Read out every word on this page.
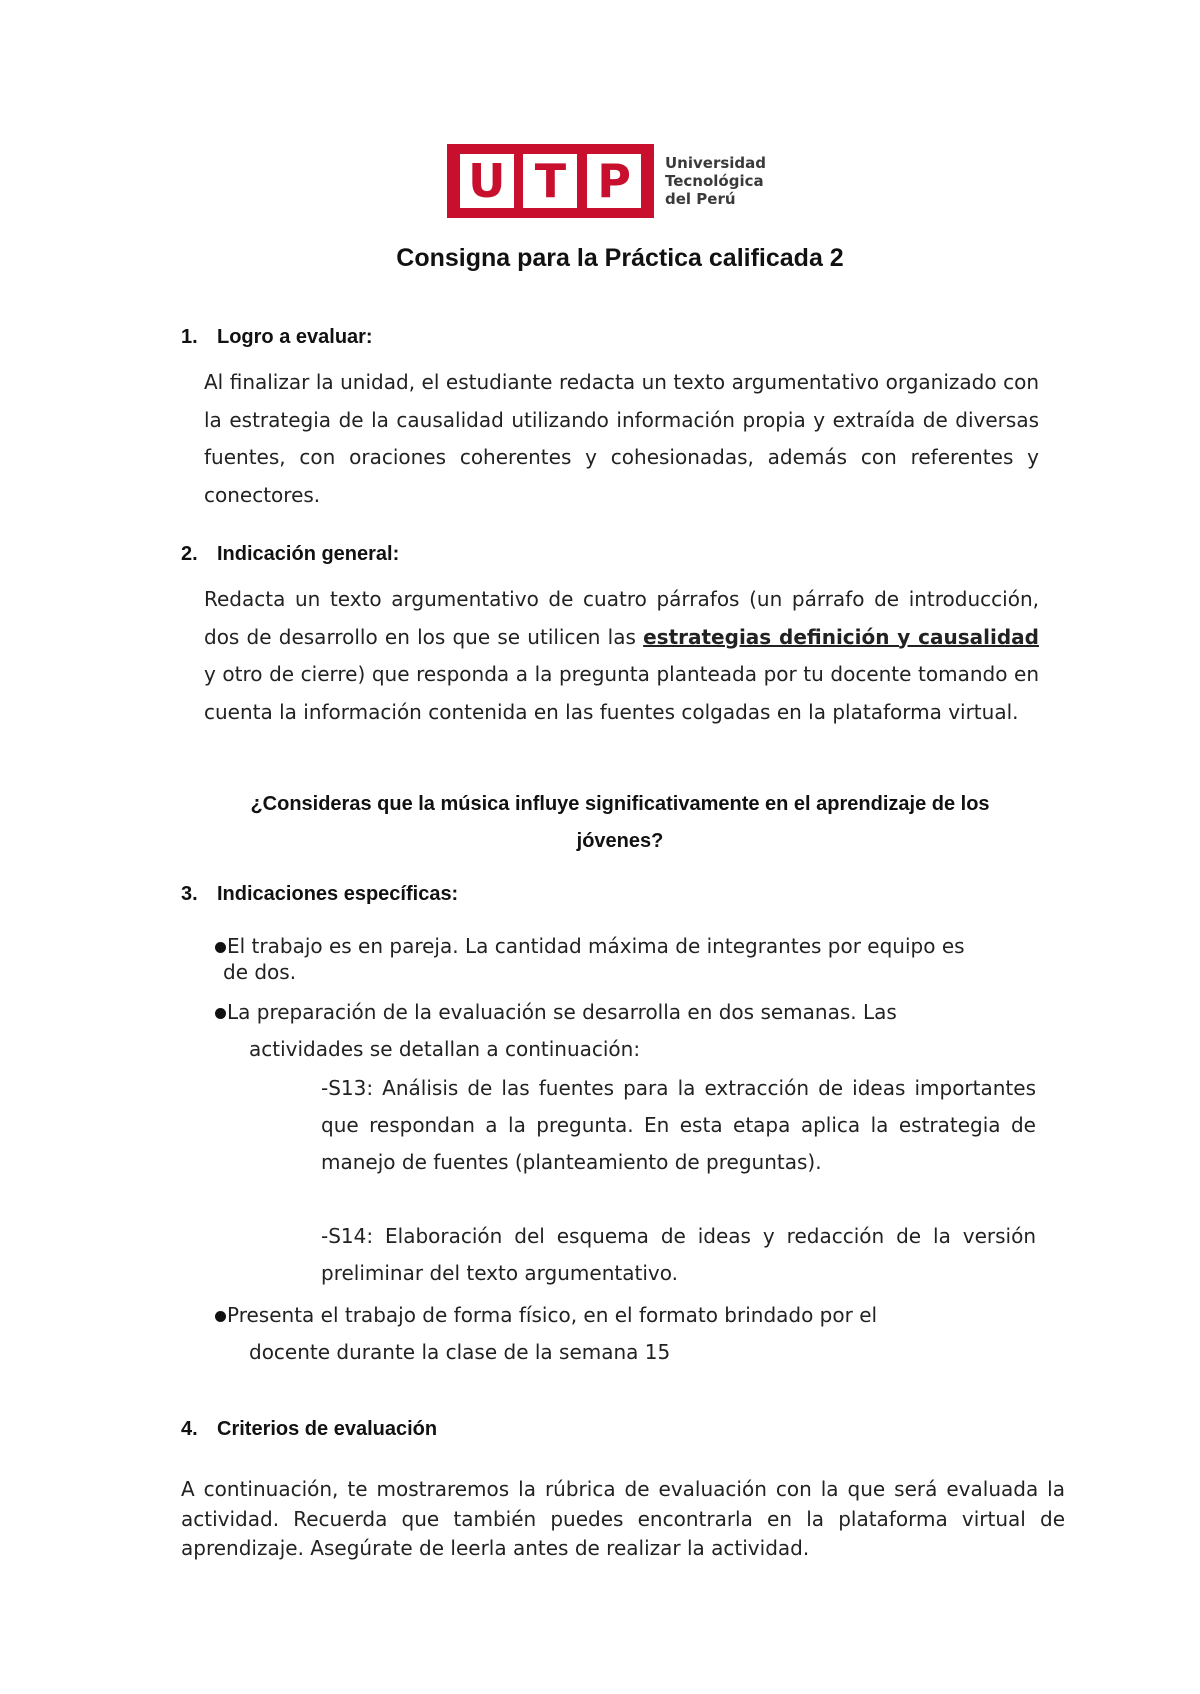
U T P	Universidad
Tecnológica
del Perú
Consigna para la Práctica calificada 2
1. Logro a evaluar:
Al finalizar la unidad, el estudiante redacta un texto argumentativo organizado con la estrategia de la causalidad utilizando información propia y extraída de diversas fuentes, con oraciones coherentes y cohesionadas, además con referentes y conectores.
2. Indicación general:
Redacta un texto argumentativo de cuatro párrafos (un párrafo de introducción, dos de desarrollo en los que se utilicen las estrategias definición y causalidad y otro de cierre) que responda a la pregunta planteada por tu docente tomando en cuenta la información contenida en las fuentes colgadas en la plataforma virtual.
¿Consideras que la música influye significativamente en el aprendizaje de los
jóvenes?
3. Indicaciones específicas:
El trabajo es en pareja. La cantidad máxima de integrantes por equipo es
de dos.
La preparación de la evaluación se desarrolla en dos semanas. Las
actividades se detallan a continuación:
-S13: Análisis de las fuentes para la extracción de ideas importantes que respondan a la pregunta. En esta etapa aplica la estrategia de manejo de fuentes (planteamiento de preguntas).
-S14: Elaboración del esquema de ideas y redacción de la versión preliminar del texto argumentativo.
Presenta el trabajo de forma físico, en el formato brindado por el
docente durante la clase de la semana 15
4. Criterios de evaluación
A continuación, te mostraremos la rúbrica de evaluación con la que será evaluada la actividad. Recuerda que también puedes encontrarla en la plataforma virtual de aprendizaje. Asegúrate de leerla antes de realizar la actividad.
